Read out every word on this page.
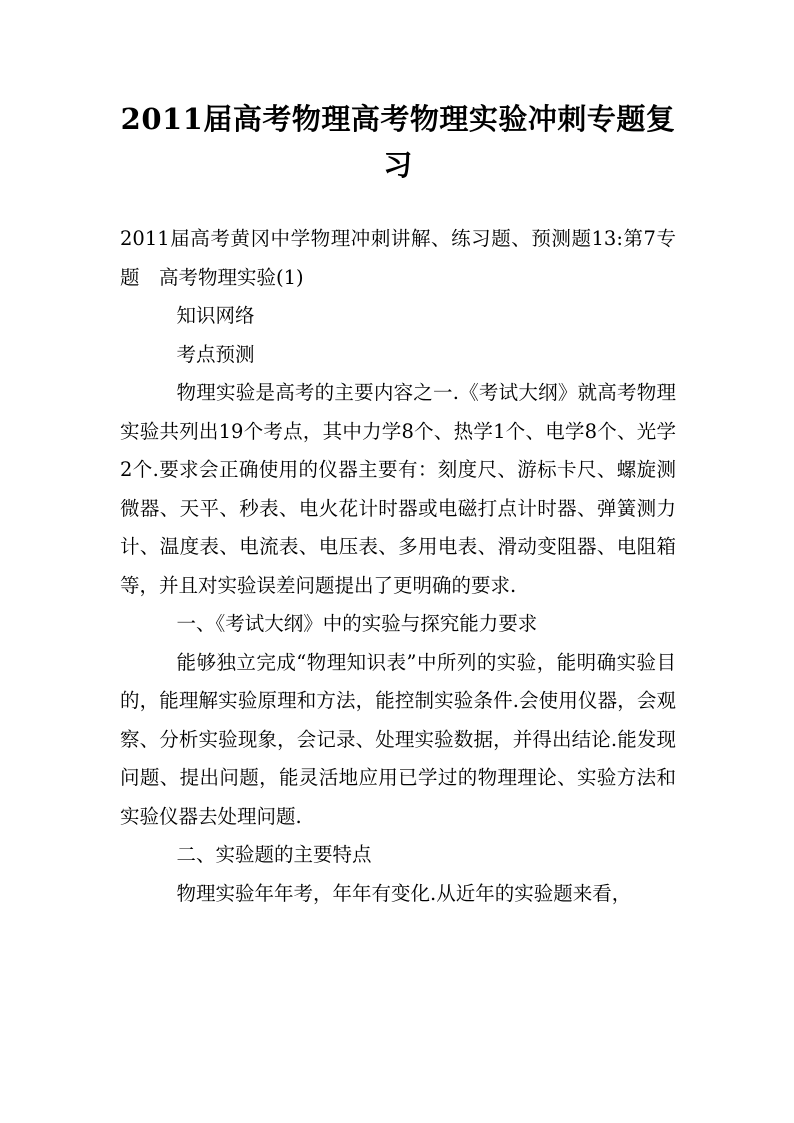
2011届高考物理高考物理实验冲刺专题复习

2011届高考黄冈中学物理冲刺讲解、练习题、预测题13:第7专题　高考物理实验(1)

知识网络

考点预测

物理实验是高考的主要内容之一.《考试大纲》就高考物理实验共列出19个考点，其中力学8个、热学1个、电学8个、光学2个.要求会正确使用的仪器主要有：刻度尺、游标卡尺、螺旋测微器、天平、秒表、电火花计时器或电磁打点计时器、弹簧测力计、温度表、电流表、电压表、多用电表、滑动变阻器、电阻箱等，并且对实验误差问题提出了更明确的要求.

一、《考试大纲》中的实验与探究能力要求

能够独立完成“物理知识表”中所列的实验，能明确实验目的，能理解实验原理和方法，能控制实验条件.会使用仪器，会观察、分析实验现象，会记录、处理实验数据，并得出结论.能发现问题、提出问题，能灵活地应用已学过的物理理论、实验方法和实验仪器去处理问题.

二、实验题的主要特点

物理实验年年考，年年有变化.从近年的实验题来看，
